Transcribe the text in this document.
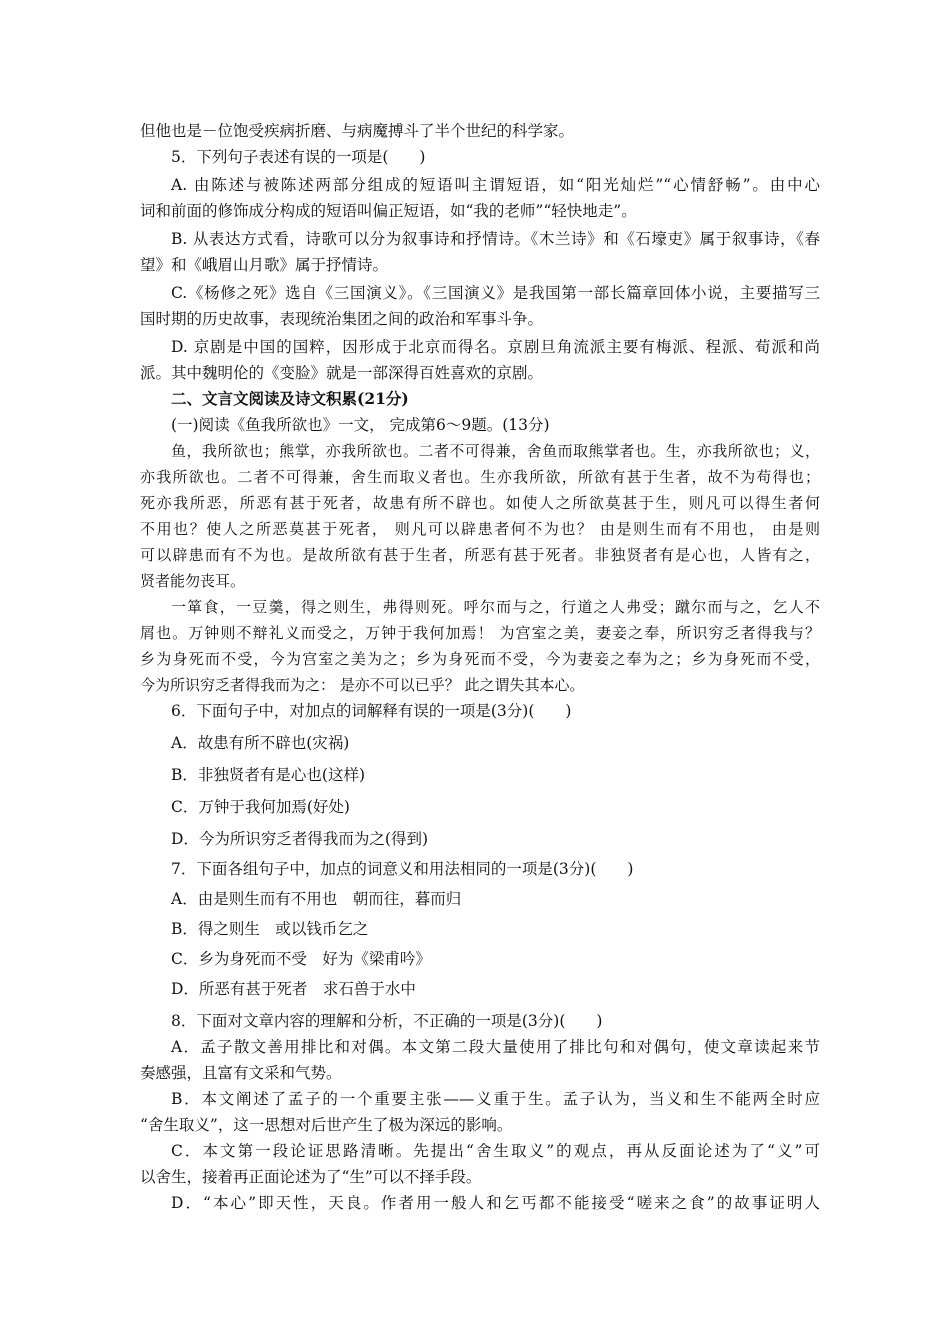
但他也是－位饱受疾病折磨、与病魔搏斗了半个世纪的科学家。
5．下列句子表述有误的一项是(　　)
A. 由陈述与被陈述两部分组成的短语叫主谓短语，如“阳光灿烂”“心情舒畅”。由中心
词和前面的修饰成分构成的短语叫偏正短语，如“我的老师”“轻快地走”。
B. 从表达方式看，诗歌可以分为叙事诗和抒情诗。《木兰诗》和《石壕吏》属于叙事诗，《春
望》和《峨眉山月歌》属于抒情诗。
C.《杨修之死》选自《三国演义》。《三国演义》是我国第一部长篇章回体小说，主要描写三
国时期的历史故事，表现统治集团之间的政治和军事斗争。
D. 京剧是中国的国粹，因形成于北京而得名。京剧旦角流派主要有梅派、程派、荀派和尚
派。其中魏明伦的《变脸》就是一部深得百姓喜欢的京剧。
二、文言文阅读及诗文积累(21分)
(一)阅读《鱼我所欲也》一文， 完成第6～9题。(13分)
鱼，我所欲也；熊掌，亦我所欲也。二者不可得兼，舍鱼而取熊掌者也。生，亦我所欲也；义，
亦我所欲也。二者不可得兼，舍生而取义者也。生亦我所欲，所欲有甚于生者，故不为苟得也；
死亦我所恶，所恶有甚于死者，故患有所不辟也。如使人之所欲莫甚于生，则凡可以得生者何
不用也？使人之所恶莫甚于死者， 则凡可以辟患者何不为也？ 由是则生而有不用也， 由是则
可以辟患而有不为也。是故所欲有甚于生者，所恶有甚于死者。非独贤者有是心也，人皆有之，
贤者能勿丧耳。
一箪食，一豆羹，得之则生，弗得则死。呼尔而与之，行道之人弗受；蹴尔而与之，乞人不
屑也。万钟则不辩礼义而受之，万钟于我何加焉！ 为宫室之美，妻妾之奉，所识穷乏者得我与？
乡为身死而不受，今为宫室之美为之；乡为身死而不受，今为妻妾之奉为之；乡为身死而不受，
今为所识穷乏者得我而为之： 是亦不可以已乎？ 此之谓失其本心。
6．下面句子中，对加点的词解释有误的一项是(3分)(　　)
A．故患有所不辟也(灾祸)
B．非独贤者有是心也(这样)
C．万钟于我何加焉(好处)
D．今为所识穷乏者得我而为之(得到)
7．下面各组句子中，加点的词意义和用法相同的一项是(3分)(　　)
A．由是则生而有不用也　朝而往，暮而归
B．得之则生　或以钱币乞之
C．乡为身死而不受　好为《梁甫吟》
D．所恶有甚于死者　求石兽于水中
8．下面对文章内容的理解和分析，不正确的一项是(3分)(　　)
A．孟子散文善用排比和对偶。本文第二段大量使用了排比句和对偶句，使文章读起来节
奏感强，且富有文采和气势。
B．本文阐述了孟子的一个重要主张——义重于生。孟子认为，当义和生不能两全时应
“舍生取义”，这一思想对后世产生了极为深远的影响。
C．本文第一段论证思路清晰。先提出“舍生取义”的观点，再从反面论述为了“义”可
以舍生，接着再正面论述为了“生”可以不择手段。
D．“本心”即天性，天良。作者用一般人和乞丐都不能接受“嗟来之食”的故事证明人
